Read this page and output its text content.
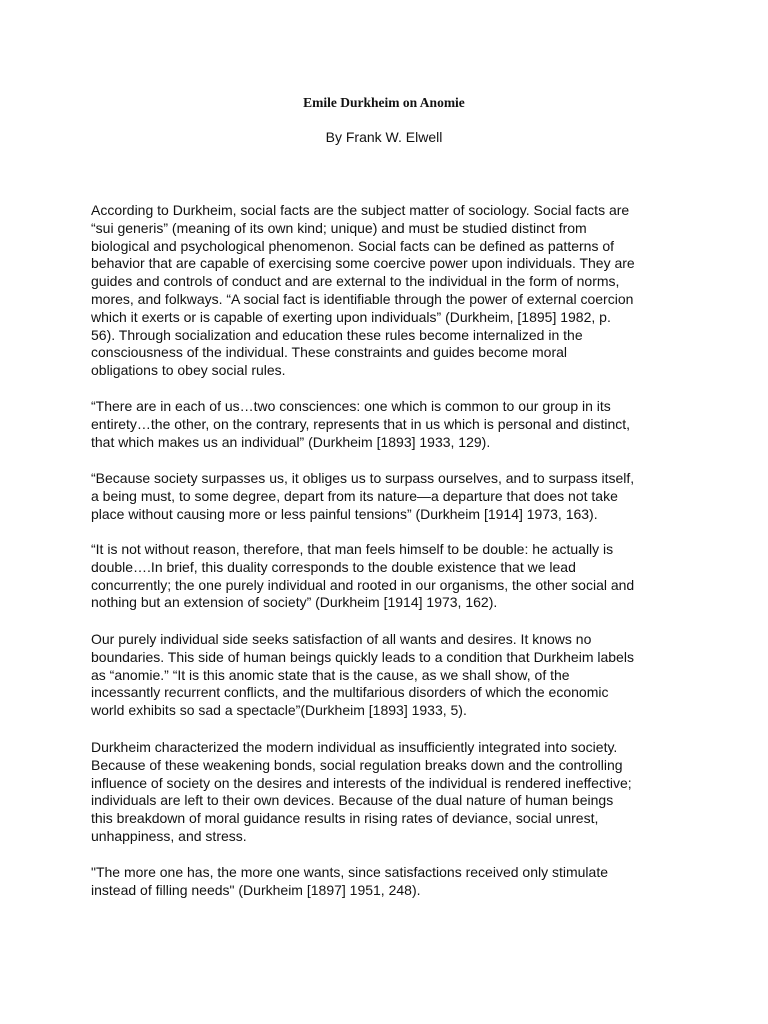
Emile Durkheim on Anomie

By Frank W. Elwell

According to Durkheim, social facts are the subject matter of sociology. Social facts are
“sui generis” (meaning of its own kind; unique) and must be studied distinct from
biological and psychological phenomenon. Social facts can be defined as patterns of
behavior that are capable of exercising some coercive power upon individuals. They are
guides and controls of conduct and are external to the individual in the form of norms,
mores, and folkways. “A social fact is identifiable through the power of external coercion
which it exerts or is capable of exerting upon individuals” (Durkheim, [1895] 1982, p.
56). Through socialization and education these rules become internalized in the
consciousness of the individual. These constraints and guides become moral
obligations to obey social rules.

“There are in each of us…two consciences: one which is common to our group in its
entirety…the other, on the contrary, represents that in us which is personal and distinct,
that which makes us an individual” (Durkheim [1893] 1933, 129).

“Because society surpasses us, it obliges us to surpass ourselves, and to surpass itself,
a being must, to some degree, depart from its nature—a departure that does not take
place without causing more or less painful tensions” (Durkheim [1914] 1973, 163).

“It is not without reason, therefore, that man feels himself to be double: he actually is
double….In brief, this duality corresponds to the double existence that we lead
concurrently; the one purely individual and rooted in our organisms, the other social and
nothing but an extension of society” (Durkheim [1914] 1973, 162).

Our purely individual side seeks satisfaction of all wants and desires. It knows no
boundaries. This side of human beings quickly leads to a condition that Durkheim labels
as “anomie.” “It is this anomic state that is the cause, as we shall show, of the
incessantly recurrent conflicts, and the multifarious disorders of which the economic
world exhibits so sad a spectacle”(Durkheim [1893] 1933, 5).

Durkheim characterized the modern individual as insufficiently integrated into society.
Because of these weakening bonds, social regulation breaks down and the controlling
influence of society on the desires and interests of the individual is rendered ineffective;
individuals are left to their own devices. Because of the dual nature of human beings
this breakdown of moral guidance results in rising rates of deviance, social unrest,
unhappiness, and stress.

"The more one has, the more one wants, since satisfactions received only stimulate
instead of filling needs" (Durkheim [1897] 1951, 248).
